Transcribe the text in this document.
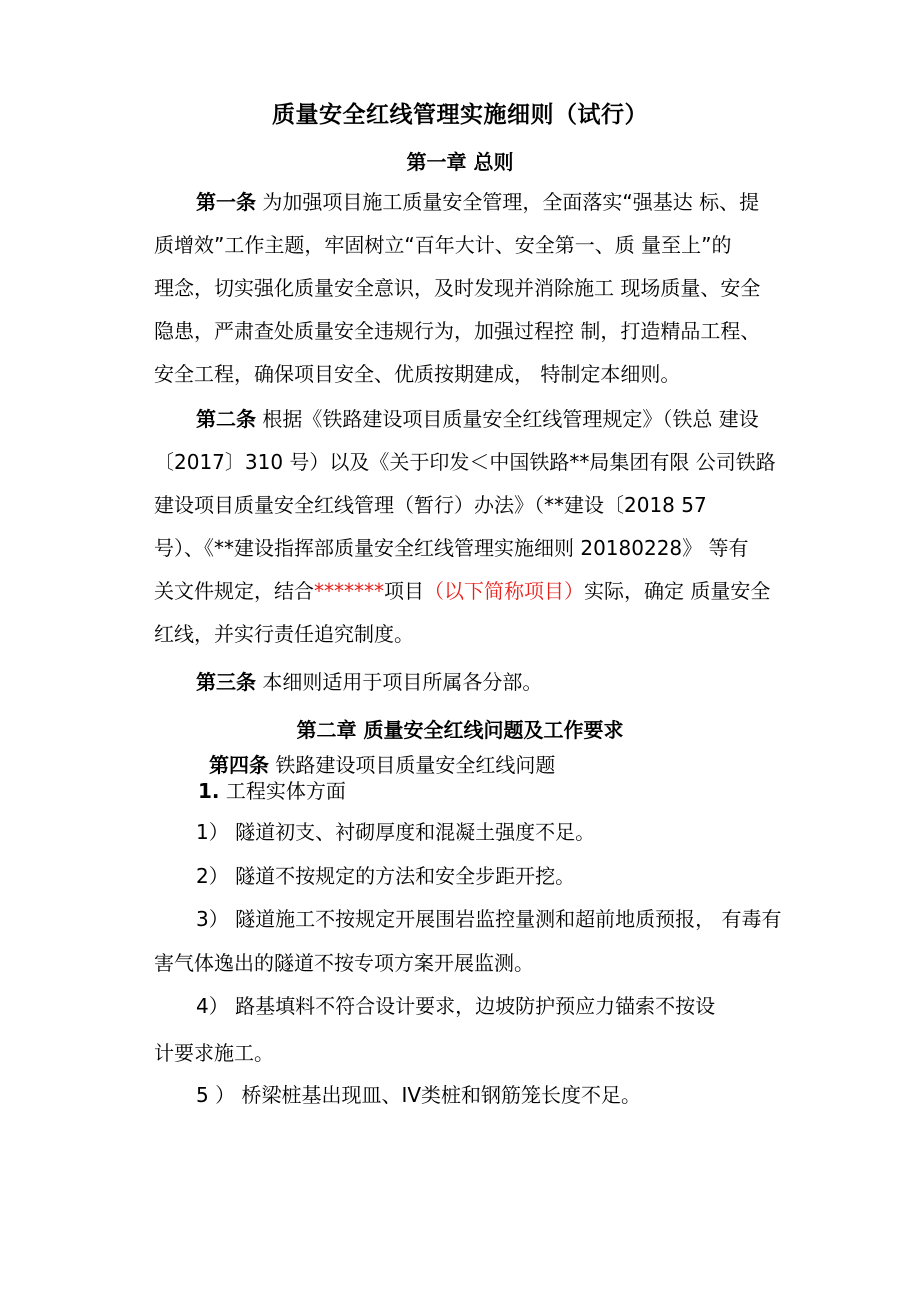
质量安全红线管理实施细则（试行）
第一章 总则
第一条 为加强项目施工质量安全管理，全面落实“强基达 标、提
质增效”工作主题，牢固树立“百年大计、安全第一、质 量至上”的
理念，切实强化质量安全意识，及时发现并消除施工 现场质量、安全
隐患，严肃查处质量安全违规行为，加强过程控 制，打造精品工程、
安全工程，确保项目安全、优质按期建成， 特制定本细则。
第二条 根据《铁路建设项目质量安全红线管理规定》（铁总 建设
〔2017〕310 号）以及《关于印发＜中国铁路**局集团有限 公司铁路
建设项目质量安全红线管理（暂行）办法》（**建设〔2018 57
号）、《**建设指挥部质量安全红线管理实施细则 20180228》 等有
关文件规定，结合*******项目（以下简称项目）实际，确定 质量安全
红线，并实行责任追究制度。
第三条 本细则适用于项目所属各分部。
第二章 质量安全红线问题及工作要求
第四条 铁路建设项目质量安全红线问题
1. 工程实体方面
1） 隧道初支、衬砌厚度和混凝土强度不足。
2） 隧道不按规定的方法和安全步距开挖。
3） 隧道施工不按规定开展围岩监控量测和超前地质预报， 有毒有
害气体逸出的隧道不按专项方案开展监测。
4） 路基填料不符合设计要求，边坡防护预应力锚索不按设
计要求施工。
5 ） 桥梁桩基出现皿、IV类桩和钢筋笼长度不足。
